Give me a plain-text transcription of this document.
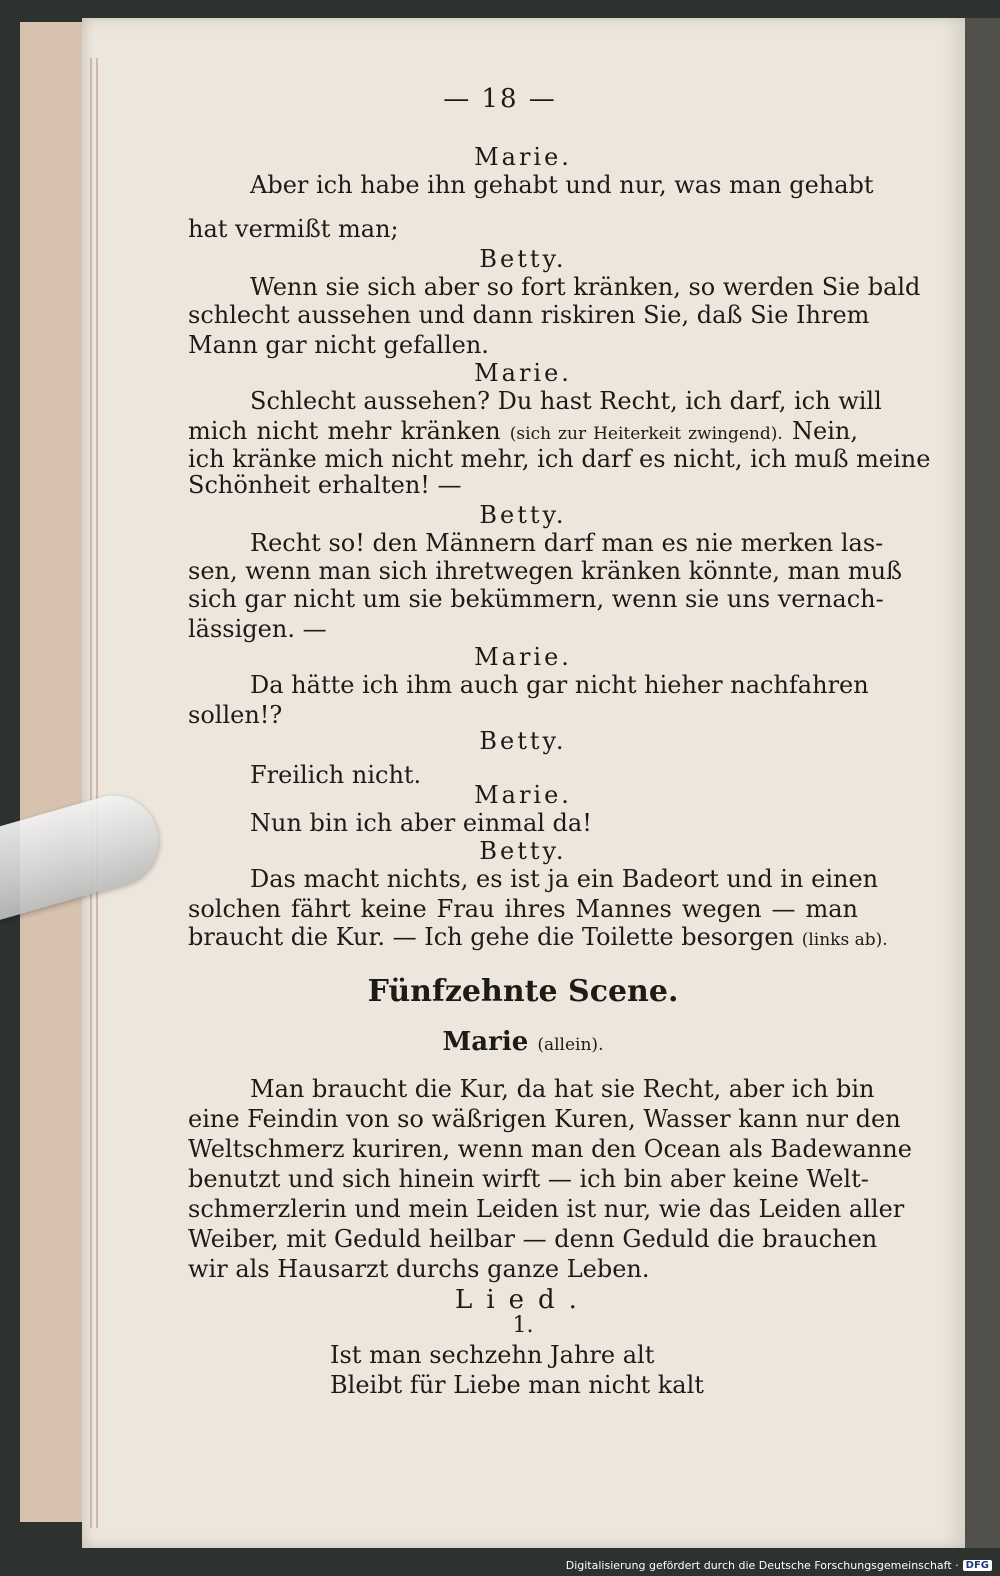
— 18 —
Marie.
Aber ich habe ihn gehabt und nur, was man gehabt
hat vermißt man;
Betty.
Wenn sie sich aber so fort kränken, so werden Sie bald
schlecht aussehen und dann riskiren Sie, daß Sie Ihrem
Mann gar nicht gefallen.
Marie.
Schlecht aussehen? Du hast Recht, ich darf, ich will
mich nicht mehr kränken (sich zur Heiterkeit zwingend). Nein,
ich kränke mich nicht mehr, ich darf es nicht, ich muß meine
Schönheit erhalten! —
Betty.
Recht so! den Männern darf man es nie merken las-
sen, wenn man sich ihretwegen kränken könnte, man muß
sich gar nicht um sie bekümmern, wenn sie uns vernach-
lässigen. —
Marie.
Da hätte ich ihm auch gar nicht hieher nachfahren
sollen!?
Betty.
Freilich nicht.
Marie.
Nun bin ich aber einmal da!
Betty.
Das macht nichts, es ist ja ein Badeort und in einen
solchen fährt keine Frau ihres Mannes wegen — man
braucht die Kur. — Ich gehe die Toilette besorgen (links ab).
Fünfzehnte Scene.
Marie (allein).
Man braucht die Kur, da hat sie Recht, aber ich bin
eine Feindin von so wäßrigen Kuren, Wasser kann nur den
Weltschmerz kuriren, wenn man den Ocean als Badewanne
benutzt und sich hinein wirft — ich bin aber keine Welt-
schmerzlerin und mein Leiden ist nur, wie das Leiden aller
Weiber, mit Geduld heilbar — denn Geduld die brauchen
wir als Hausarzt durchs ganze Leben.
Lied.
1.
Ist man sechzehn Jahre alt
Bleibt für Liebe man nicht kalt
Digitalisierung gefördert durch die Deutsche Forschungsgemeinschaft · DFG
